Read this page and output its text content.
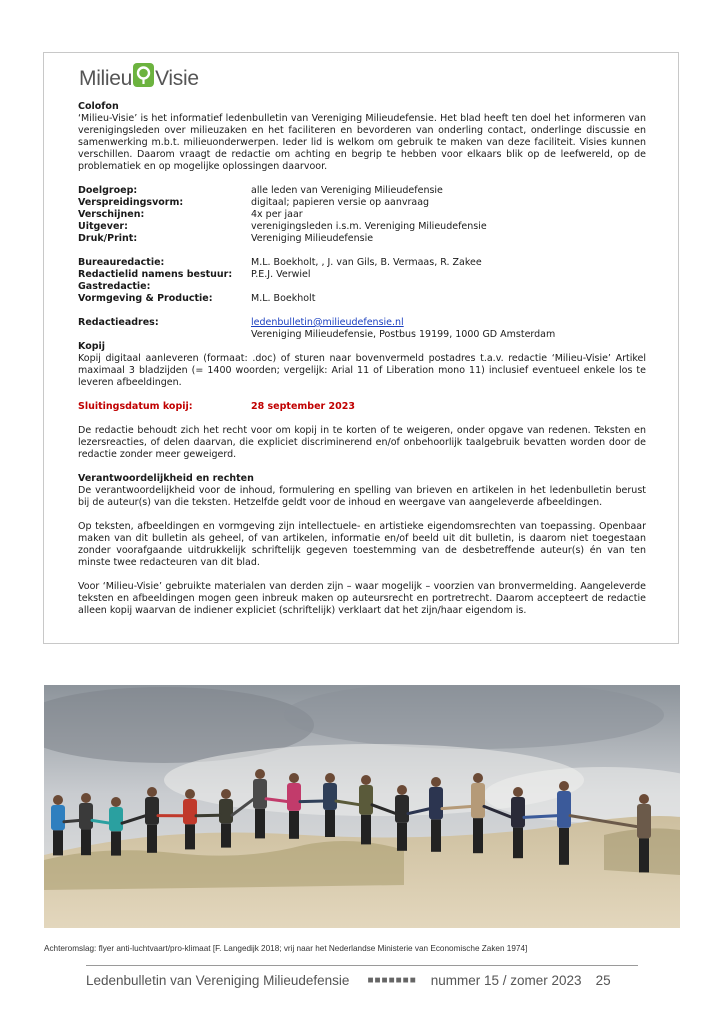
Milieu Visie
Colofon

‘Milieu-Visie’ is het informatief ledenbulletin van Vereniging Milieudefensie. Het blad heeft ten doel het informeren van verenigingsleden over milieuzaken en het faciliteren en bevorderen van onderling contact, onderlinge discussie en samenwerking m.b.t. milieuonderwerpen. Ieder lid is welkom om gebruik te maken van deze faciliteit. Visies kunnen verschillen. Daarom vraagt de redactie om achting en begrip te hebben voor elkaars blik op de leefwereld, op de problematiek en op mogelijke oplossingen daarvoor.

Doelgroep:	alle leden van Vereniging Milieudefensie
Verspreidingsvorm:	digitaal; papieren versie op aanvraag
Verschijnen:	4x per jaar
Uitgever:	verenigingsleden i.s.m. Vereniging Milieudefensie
Druk/Print:	Vereniging Milieudefensie
Bureauredactie:	M.L. Boekholt, , J. van Gils, B. Vermaas, R. Zakee
Redactielid namens bestuur:	P.E.J. Verwiel
Gastredactie:
Vormgeving & Productie:	M.L. Boekholt
Redactieadres:	ledenbulletin@milieudefensie.nl
Vereniging Milieudefensie, Postbus 19199, 1000 GD Amsterdam
Kopij

Kopij digitaal aanleveren (formaat: .doc) of sturen naar bovenvermeld postadres t.a.v. redactie ‘Milieu-Visie’ Artikel maximaal 3 bladzijden (= 1400 woorden; vergelijk: Arial 11 of Liberation mono 11) inclusief eventueel enkele los te leveren afbeeldingen.

Sluitingsdatum kopij:	28 september 2023

De redactie behoudt zich het recht voor om kopij in te korten of te weigeren, onder opgave van redenen. Teksten en lezersreacties, of delen daarvan, die expliciet discriminerend en/of onbehoorlijk taalgebruik bevatten worden door de redactie zonder meer geweigerd.

Verantwoordelijkheid en rechten

De verantwoordelijkheid voor de inhoud, formulering en spelling van brieven en artikelen in het ledenbulletin berust bij de auteur(s) van die teksten. Hetzelfde geldt voor de inhoud en weergave van aangeleverde afbeeldingen.

Op teksten, afbeeldingen en vormgeving zijn intellectuele- en artistieke eigendomsrechten van toepassing. Openbaar maken van dit bulletin als geheel, of van artikelen, informatie en/of beeld uit dit bulletin, is daarom niet toegestaan zonder voorafgaande uitdrukkelijk schriftelijk gegeven toestemming van de desbetreffende auteur(s) én van ten minste twee redacteuren van dit blad.

Voor ‘Milieu-Visie’ gebruikte materialen van derden zijn – waar mogelijk – voorzien van bronvermelding. Aangeleverde teksten en afbeeldingen mogen geen inbreuk maken op auteursrecht en portretrecht. Daarom accepteert de redactie alleen kopij waarvan de indiener expliciet (schriftelijk) verklaart dat het zijn/haar eigendom is.

Achteromslag: flyer anti-luchtvaart/pro-klimaat [F. Langedijk 2018; vrij naar het Nederlandse Ministerie van Economische Zaken 1974]
Ledenbulletin van Vereniging Milieudefensie ■■■■■■■ nummer 15 / zomer 2023 25
